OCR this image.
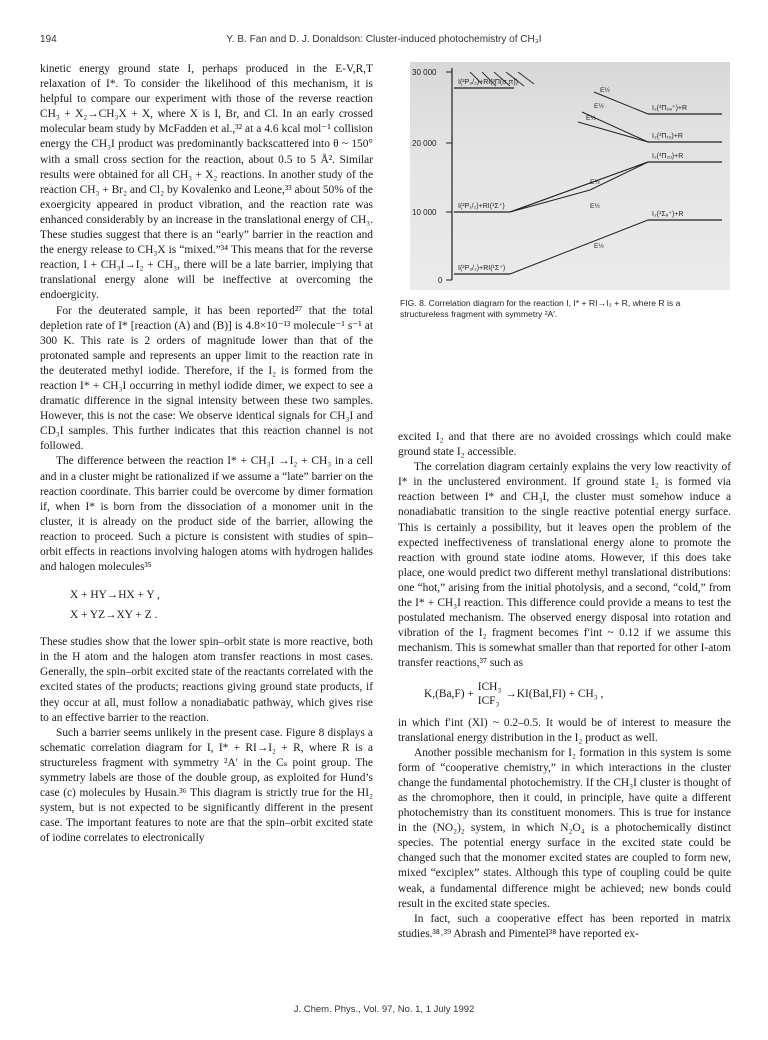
194	Y. B. Fan and D. J. Donaldson: Cluster-induced photochemistry of CH₃I

kinetic energy ground state I, perhaps produced in the E-V,R,T relaxation of I*. To consider the likelihood of this mechanism, it is helpful to compare our experiment with those of the reverse reaction CH₃ + X₂→CH₃X + X, where X is I, Br, and Cl. In an early crossed molecular beam study by McFadden et al.,³² at a 4.6 kcal mol⁻¹ collision energy the CH₃I product was predominantly backscattered into θ ~ 150° with a small cross section for the reaction, about 0.5 to 5 Å². Similar results were obtained for all CH₃ + X₂ reactions. In another study of the reaction CH₃ + Br₂ and Cl₂ by Kovalenko and Leone,³³ about 50% of the exoergicity appeared in product vibration, and the reaction rate was enhanced considerably by an increase in the translational energy of CH₃. These studies suggest that there is an “early” barrier in the reaction and the energy release to CH₃X is “mixed.”³⁴ This means that for the reverse reaction, I + CH₃I→I₂ + CH₃, there will be a late barrier, implying that translational energy alone will be ineffective at overcoming the endoergicity.

For the deuterated sample, it has been reported²⁷ that the total depletion rate of I* [reaction (A) and (B)] is 4.8×10⁻¹³ molecule⁻¹ s⁻¹ at 300 K. This rate is 2 orders of magnitude lower than that of the protonated sample and represents an upper limit to the reaction rate in the deuterated methyl iodide. Therefore, if the I₂ is formed from the reaction I* + CH₃I occurring in methyl iodide dimer, we expect to see a dramatic difference in the signal intensity between these two samples. However, this is not the case: We observe identical signals for CH₃I and CD₃I samples. This further indicates that this reaction channel is not followed.

The difference between the reaction I* + CH₃I →I₂ + CH₃ in a cell and in a cluster might be rationalized if we assume a “late” barrier on the reaction coordinate. This barrier could be overcome by dimer formation if, when I* is born from the dissociation of a monomer unit in the cluster, it is already on the product side of the barrier, allowing the reaction to proceed. Such a picture is consistent with studies of spin–orbit effects in reactions involving halogen atoms with hydrogen halides and halogen molecules³⁵

X + HY→HX + Y ,
X + YZ→XY + Z .

These studies show that the lower spin–orbit state is more reactive, both in the H atom and the halogen atom transfer reactions in most cases. Generally, the spin–orbit excited state of the reactants correlated with the excited states of the products; reactions giving ground state products, if they occur at all, must follow a nonadiabatic pathway, which gives rise to an effective barrier to the reaction.

Such a barrier seems unlikely in the present case. Figure 8 displays a schematic correlation diagram for I, I* + RI→I₂ + R, where R is a structureless fragment with symmetry ²A′ in the Cₛ point group. The symmetry labels are those of the double group, as exploited for Hund’s case (c) molecules by Husain.³⁶ This diagram is strictly true for the HI₂ system, but is not expected to be significantly different in the present case. The important features to note are that the spin–orbit excited state of iodine correlates to electronically

30 000
20 000
10 000
0
I(²P₃/₂)+RI(³Π(σ,π))
I(²P₁/₂)+RI(¹Σ⁺)
I(²P₃/₂)+RI(¹Σ⁺)
I₂(³Π₀ₔ⁺)+R
I₂(³Π₁ᵤ)+R
I₂(³Π₂ᵤ)+R
I₂(¹Σₔ⁺)+R
E½
E½
E½
E½
E½
E½
FIG. 8. Correlation diagram for the reaction I, I* + RI→I₂ + R, where R is a structureless fragment with symmetry ²A′.

excited I₂ and that there are no avoided crossings which could make ground state I₂ accessible.

The correlation diagram certainly explains the very low reactivity of I* in the unclustered environment. If ground state I₂ is formed via reaction between I* and CH₃I, the cluster must somehow induce a nonadiabatic transition to the single reactive potential energy surface. This is certainly a possibility, but it leaves open the problem of the expected ineffectiveness of translational energy alone to promote the reaction with ground state iodine atoms. However, if this does take place, one would predict two different methyl translational distributions: one “hot,” arising from the initial photolysis, and a second, “cold,” from the I* + CH₃I reaction. This difference could provide a means to test the postulated mechanism. The observed energy disposal into rotation and vibration of the I₂ fragment becomes f′int ~ 0.12 if we assume this mechanism. This is somewhat smaller than that reported for other I-atom transfer reactions,³⁷ such as

K,(Ba,F) +
ICH₃
ICF₃
→KI(BaI,FI) + CH₃ ,

in which f′int (XI) ~ 0.2–0.5. It would be of interest to measure the translational energy distribution in the I₂ product as well.

Another possible mechanism for I₂ formation in this system is some form of “cooperative chemistry,” in which interactions in the cluster change the fundamental photochemistry. If the CH₃I cluster is thought of as the chromophore, then it could, in principle, have quite a different photochemistry than its constituent monomers. This is true for instance in the (NO₂)₂ system, in which N₂O₄ is a photochemically distinct species. The potential energy surface in the excited state could be changed such that the monomer excited states are coupled to form new, mixed “exciplex” states. Although this type of coupling could be quite weak, a fundamental difference might be achieved; new bonds could result in the excited state species.

In fact, such a cooperative effect has been reported in matrix studies.³⁸˒³⁹ Abrash and Pimentel³⁸ have reported ex-

J. Chem. Phys., Vol. 97, No. 1, 1 July 1992
